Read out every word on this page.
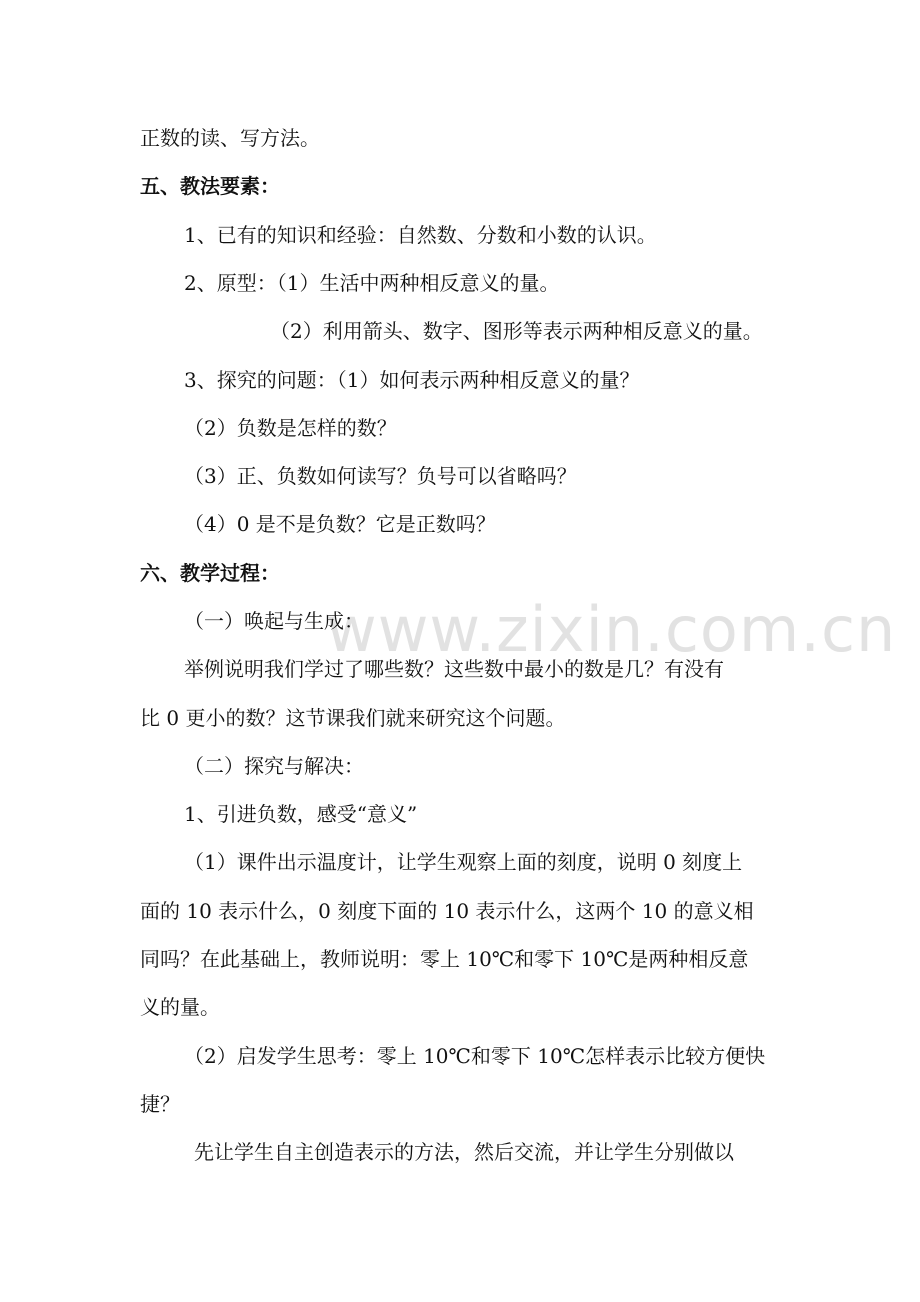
www.zixin.com.cn
正数的读、写方法。
五、教法要素：
1、已有的知识和经验：自然数、分数和小数的认识。
2、原型：（1）生活中两种相反意义的量。
（2）利用箭头、数字、图形等表示两种相反意义的量。
3、探究的问题：（1）如何表示两种相反意义的量？
（2）负数是怎样的数？
（3）正、负数如何读写？负号可以省略吗？
（4）0 是不是负数？它是正数吗？
六、教学过程：
（一）唤起与生成：
举例说明我们学过了哪些数？这些数中最小的数是几？有没有
比 0 更小的数？这节课我们就来研究这个问题。
（二）探究与解决：
1、引进负数，感受“意义”
（1）课件出示温度计，让学生观察上面的刻度，说明 0 刻度上
面的 10 表示什么，0 刻度下面的 10 表示什么，这两个 10 的意义相
同吗？在此基础上，教师说明：零上 10℃和零下 10℃是两种相反意
义的量。
（2）启发学生思考：零上 10℃和零下 10℃怎样表示比较方便快
捷？
先让学生自主创造表示的方法，然后交流，并让学生分别做以
